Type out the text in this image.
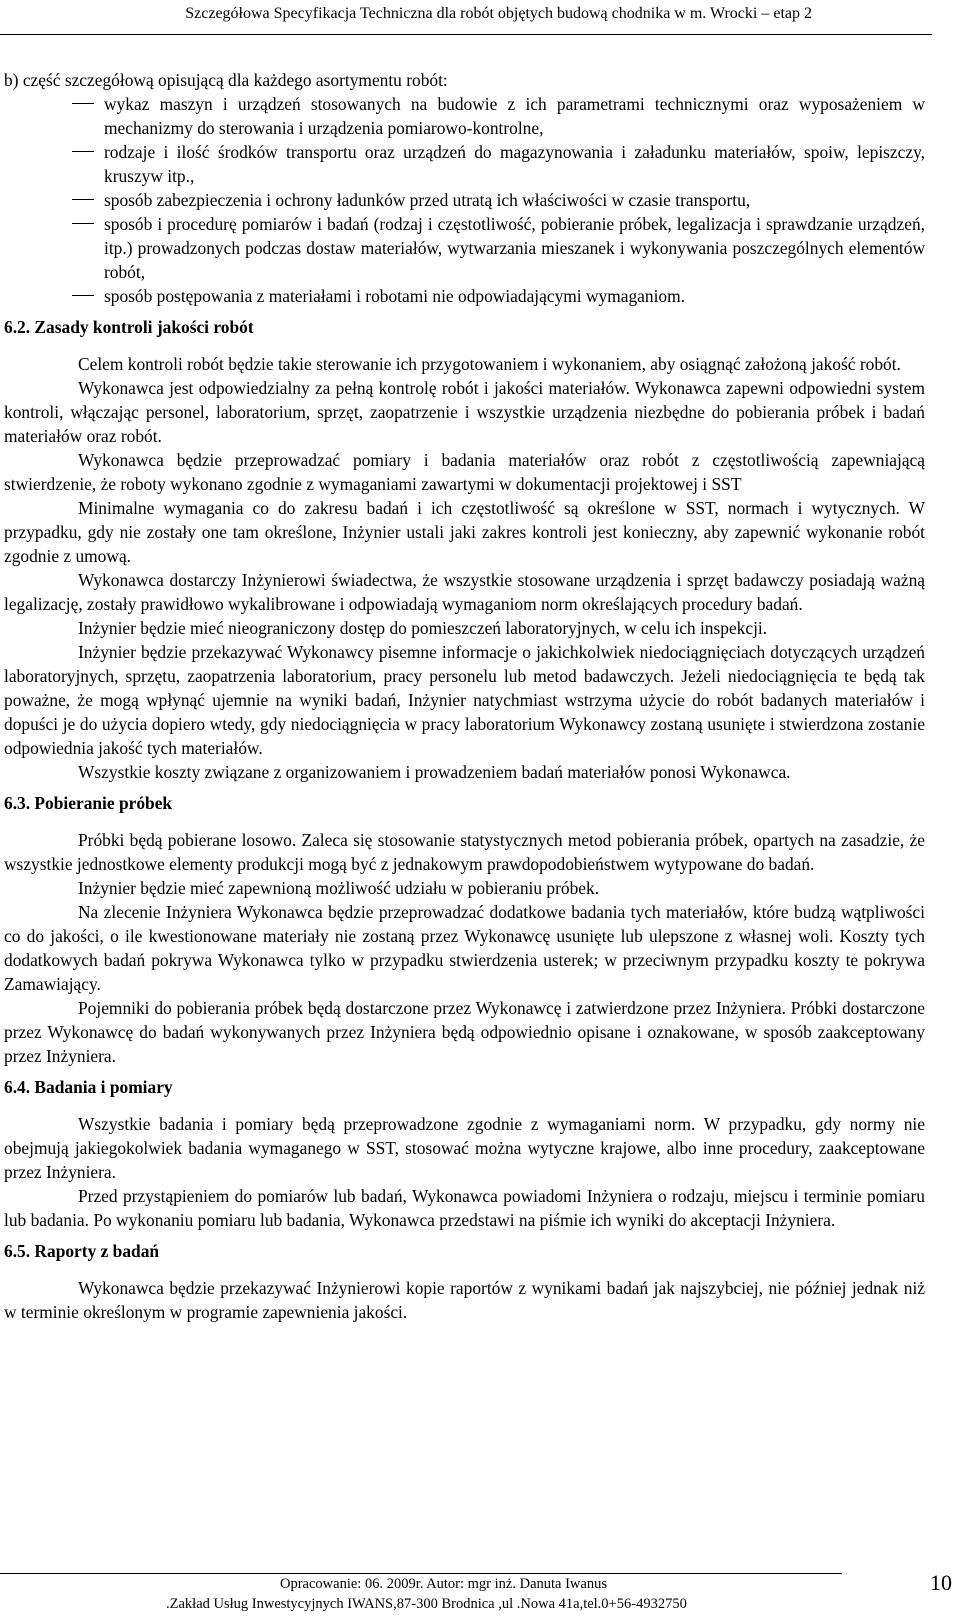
Szczegółowa Specyfikacja Techniczna dla robót objętych budową chodnika w m. Wrocki – etap 2

b) część szczegółową opisującą dla każdego asortymentu robót:

wykaz maszyn i urządzeń stosowanych na budowie z ich parametrami technicznymi oraz wyposażeniem w mechanizmy do sterowania i urządzenia pomiarowo-kontrolne,
rodzaje i ilość środków transportu oraz urządzeń do magazynowania i załadunku materiałów, spoiw, lepiszczy, kruszyw itp.,
sposób zabezpieczenia i ochrony ładunków przed utratą ich właściwości w czasie transportu,
sposób i procedurę pomiarów i badań (rodzaj i częstotliwość, pobieranie próbek, legalizacja i sprawdzanie urządzeń, itp.) prowadzonych podczas dostaw materiałów, wytwarzania mieszanek i wykonywania poszczególnych elementów robót,
sposób postępowania z materiałami i robotami nie odpowiadającymi wymaganiom.
6.2. Zasady kontroli jakości robót

Celem kontroli robót będzie takie sterowanie ich przygotowaniem i wykonaniem, aby osiągnąć założoną jakość robót.

Wykonawca jest odpowiedzialny za pełną kontrolę robót i jakości materiałów. Wykonawca zapewni odpowiedni system kontroli, włączając personel, laboratorium, sprzęt, zaopatrzenie i wszystkie urządzenia niezbędne do pobierania próbek i badań materiałów oraz robót.

Wykonawca będzie przeprowadzać pomiary i badania materiałów oraz robót z częstotliwością zapewniającą stwierdzenie, że roboty wykonano zgodnie z wymaganiami zawartymi w dokumentacji projektowej i SST

Minimalne wymagania co do zakresu badań i ich częstotliwość są określone w SST, normach i wytycznych. W przypadku, gdy nie zostały one tam określone, Inżynier ustali jaki zakres kontroli jest konieczny, aby zapewnić wykonanie robót zgodnie z umową.

Wykonawca dostarczy Inżynierowi świadectwa, że wszystkie stosowane urządzenia i sprzęt badawczy posiadają ważną legalizację, zostały prawidłowo wykalibrowane i odpowiadają wymaganiom norm określających procedury badań.

Inżynier będzie mieć nieograniczony dostęp do pomieszczeń laboratoryjnych, w celu ich inspekcji.

Inżynier będzie przekazywać Wykonawcy pisemne informacje o jakichkolwiek niedociągnięciach dotyczących urządzeń laboratoryjnych, sprzętu, zaopatrzenia laboratorium, pracy personelu lub metod badawczych. Jeżeli niedociągnięcia te będą tak poważne, że mogą wpłynąć ujemnie na wyniki badań, Inżynier natychmiast wstrzyma użycie do robót badanych materiałów i dopuści je do użycia dopiero wtedy, gdy niedociągnięcia w pracy laboratorium Wykonawcy zostaną usunięte i stwierdzona zostanie odpowiednia jakość tych materiałów.

Wszystkie koszty związane z organizowaniem i prowadzeniem badań materiałów ponosi Wykonawca.

6.3. Pobieranie próbek

Próbki będą pobierane losowo. Zaleca się stosowanie statystycznych metod pobierania próbek, opartych na zasadzie, że wszystkie jednostkowe elementy produkcji mogą być z jednakowym prawdopodobieństwem wytypowane do badań.

Inżynier będzie mieć zapewnioną możliwość udziału w pobieraniu próbek.

Na zlecenie Inżyniera Wykonawca będzie przeprowadzać dodatkowe badania tych materiałów, które budzą wątpliwości co do jakości, o ile kwestionowane materiały nie zostaną przez Wykonawcę usunięte lub ulepszone z własnej woli. Koszty tych dodatkowych badań pokrywa Wykonawca tylko w przypadku stwierdzenia usterek; w przeciwnym przypadku koszty te pokrywa Zamawiający.

Pojemniki do pobierania próbek będą dostarczone przez Wykonawcę i zatwierdzone przez Inżyniera. Próbki dostarczone przez Wykonawcę do badań wykonywanych przez Inżyniera będą odpowiednio opisane i oznakowane, w sposób zaakceptowany przez Inżyniera.

6.4. Badania i pomiary

Wszystkie badania i pomiary będą przeprowadzone zgodnie z wymaganiami norm. W przypadku, gdy normy nie obejmują jakiegokolwiek badania wymaganego w SST, stosować można wytyczne krajowe, albo inne procedury, zaakceptowane przez Inżyniera.

Przed przystąpieniem do pomiarów lub badań, Wykonawca powiadomi Inżyniera o rodzaju, miejscu i terminie pomiaru lub badania. Po wykonaniu pomiaru lub badania, Wykonawca przedstawi na piśmie ich wyniki do akceptacji Inżyniera.

6.5. Raporty z badań

Wykonawca będzie przekazywać Inżynierowi kopie raportów z wynikami badań jak najszybciej, nie później jednak niż w terminie określonym w programie zapewnienia jakości.

Opracowanie: 06. 2009r. Autor: mgr inż. Danuta Iwanus
.Zakład Usług Inwestycyjnych IWANS,87-300 Brodnica ,ul .Nowa 41a,tel.0+56-4932750
10
